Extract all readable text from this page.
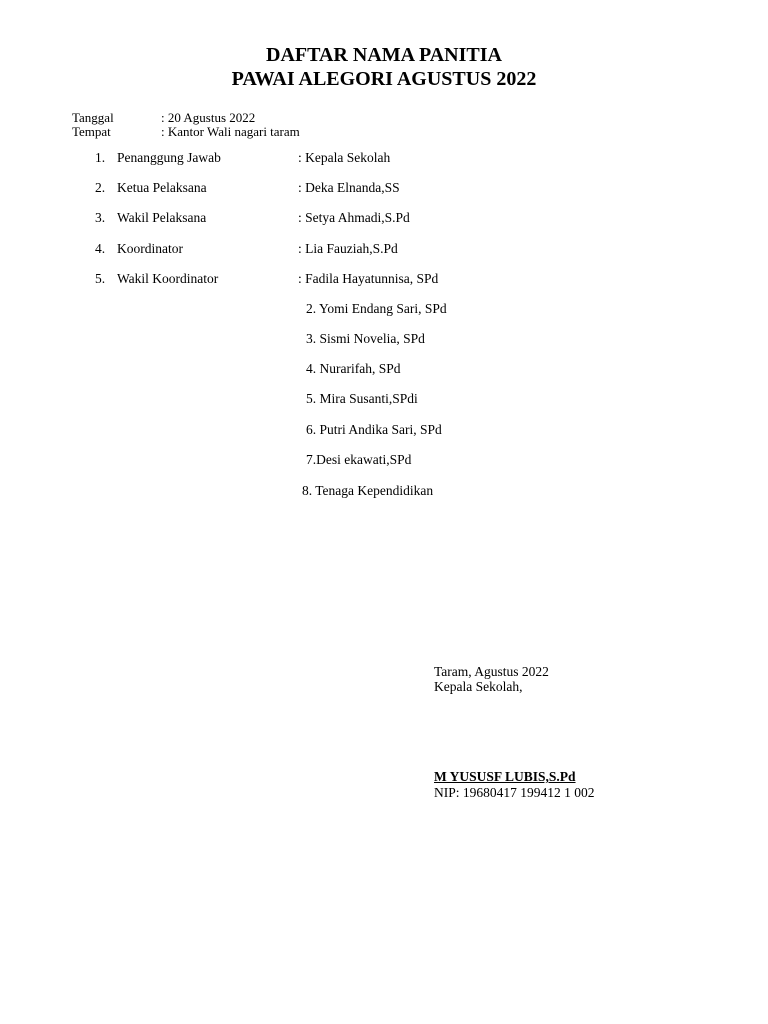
DAFTAR NAMA PANITIA
PAWAI ALEGORI AGUSTUS 2022
Tanggal	: 20 Agustus 2022
Tempat	: Kantor Wali nagari taram
1. Penanggung Jawab	: Kepala Sekolah
2. Ketua Pelaksana	: Deka Elnanda,SS
3. Wakil Pelaksana	: Setya Ahmadi,S.Pd
4. Koordinator	: Lia Fauziah,S.Pd
5. Wakil Koordinator	: Fadila Hayatunnisa, SPd
2. Yomi Endang Sari, SPd
3. Sismi Novelia, SPd
4. Nurarifah, SPd
5. Mira Susanti,SPdi
6. Putri Andika Sari, SPd
7.Desi ekawati,SPd
8. Tenaga Kependidikan
Taram, Agustus 2022
Kepala Sekolah,
M YUSUSF LUBIS,S.Pd
NIP: 19680417 199412 1 002
